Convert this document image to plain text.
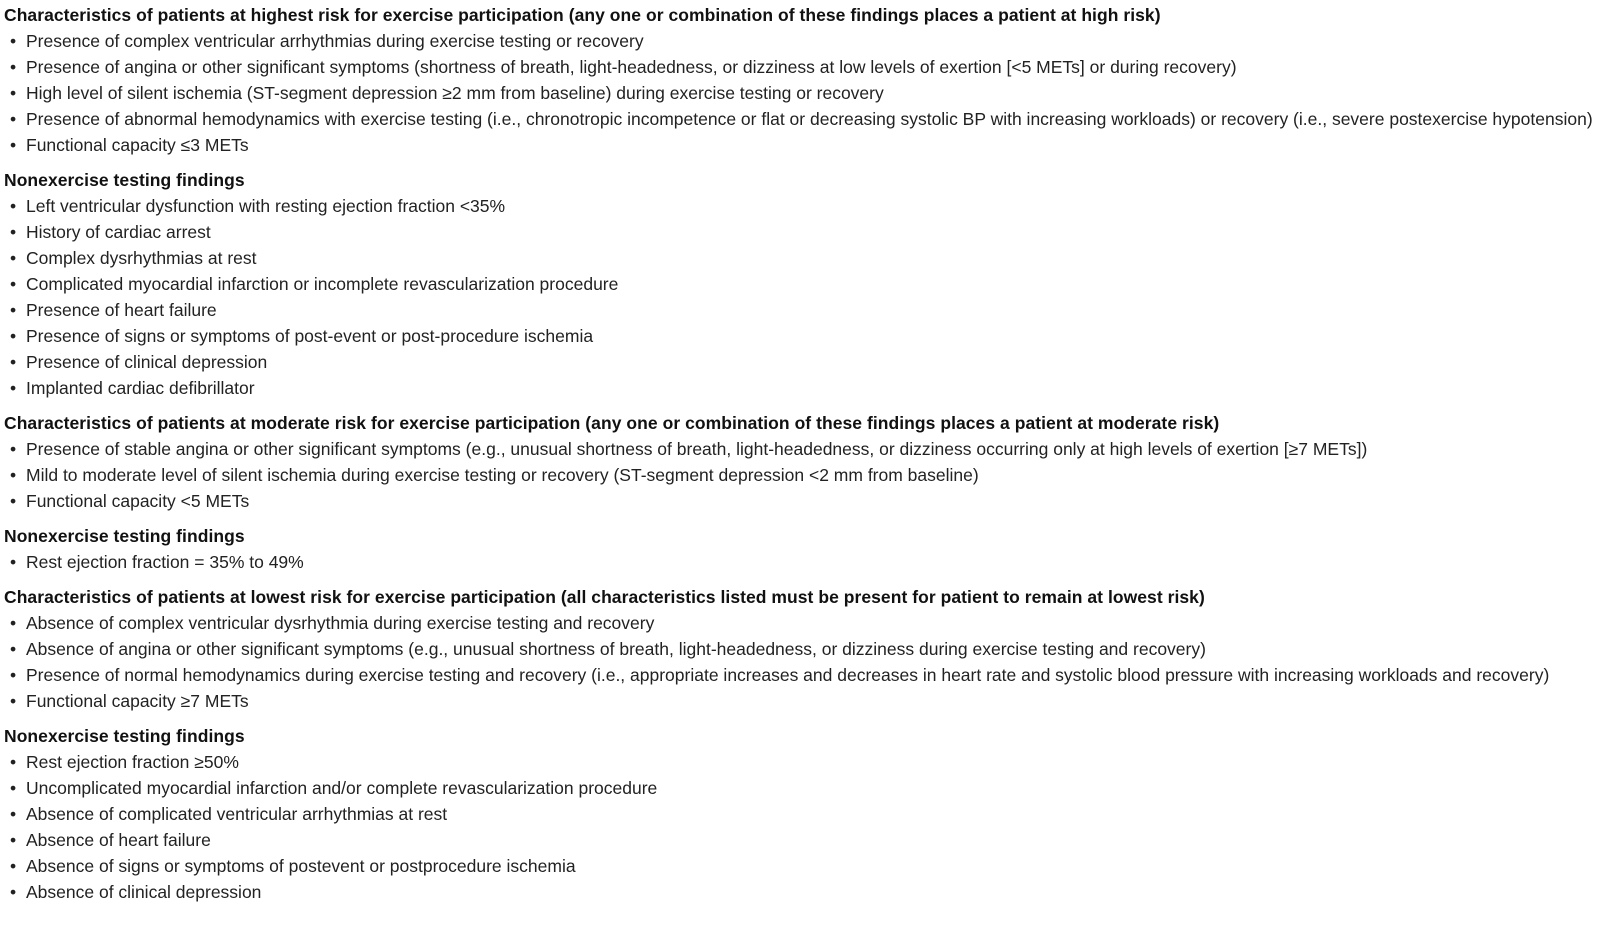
Characteristics of patients at highest risk for exercise participation (any one or combination of these findings places a patient at high risk)
• Presence of complex ventricular arrhythmias during exercise testing or recovery
• Presence of angina or other significant symptoms (shortness of breath, light-headedness, or dizziness at low levels of exertion [<5 METs] or during recovery)
• High level of silent ischemia (ST-segment depression ≥2 mm from baseline) during exercise testing or recovery
• Presence of abnormal hemodynamics with exercise testing (i.e., chronotropic incompetence or flat or decreasing systolic BP with increasing workloads) or recovery (i.e., severe postexercise hypotension)
• Functional capacity ≤3 METs
Nonexercise testing findings
• Left ventricular dysfunction with resting ejection fraction <35%
• History of cardiac arrest
• Complex dysrhythmias at rest
• Complicated myocardial infarction or incomplete revascularization procedure
• Presence of heart failure
• Presence of signs or symptoms of post-event or post-procedure ischemia
• Presence of clinical depression
• Implanted cardiac defibrillator
Characteristics of patients at moderate risk for exercise participation (any one or combination of these findings places a patient at moderate risk)
• Presence of stable angina or other significant symptoms (e.g., unusual shortness of breath, light-headedness, or dizziness occurring only at high levels of exertion [≥7 METs])
• Mild to moderate level of silent ischemia during exercise testing or recovery (ST-segment depression <2 mm from baseline)
• Functional capacity <5 METs
Nonexercise testing findings
• Rest ejection fraction = 35% to 49%
Characteristics of patients at lowest risk for exercise participation (all characteristics listed must be present for patient to remain at lowest risk)
• Absence of complex ventricular dysrhythmia during exercise testing and recovery
• Absence of angina or other significant symptoms (e.g., unusual shortness of breath, light-headedness, or dizziness during exercise testing and recovery)
• Presence of normal hemodynamics during exercise testing and recovery (i.e., appropriate increases and decreases in heart rate and systolic blood pressure with increasing workloads and recovery)
• Functional capacity ≥7 METs
Nonexercise testing findings
• Rest ejection fraction ≥50%
• Uncomplicated myocardial infarction and/or complete revascularization procedure
• Absence of complicated ventricular arrhythmias at rest
• Absence of heart failure
• Absence of signs or symptoms of postevent or postprocedure ischemia
• Absence of clinical depression
